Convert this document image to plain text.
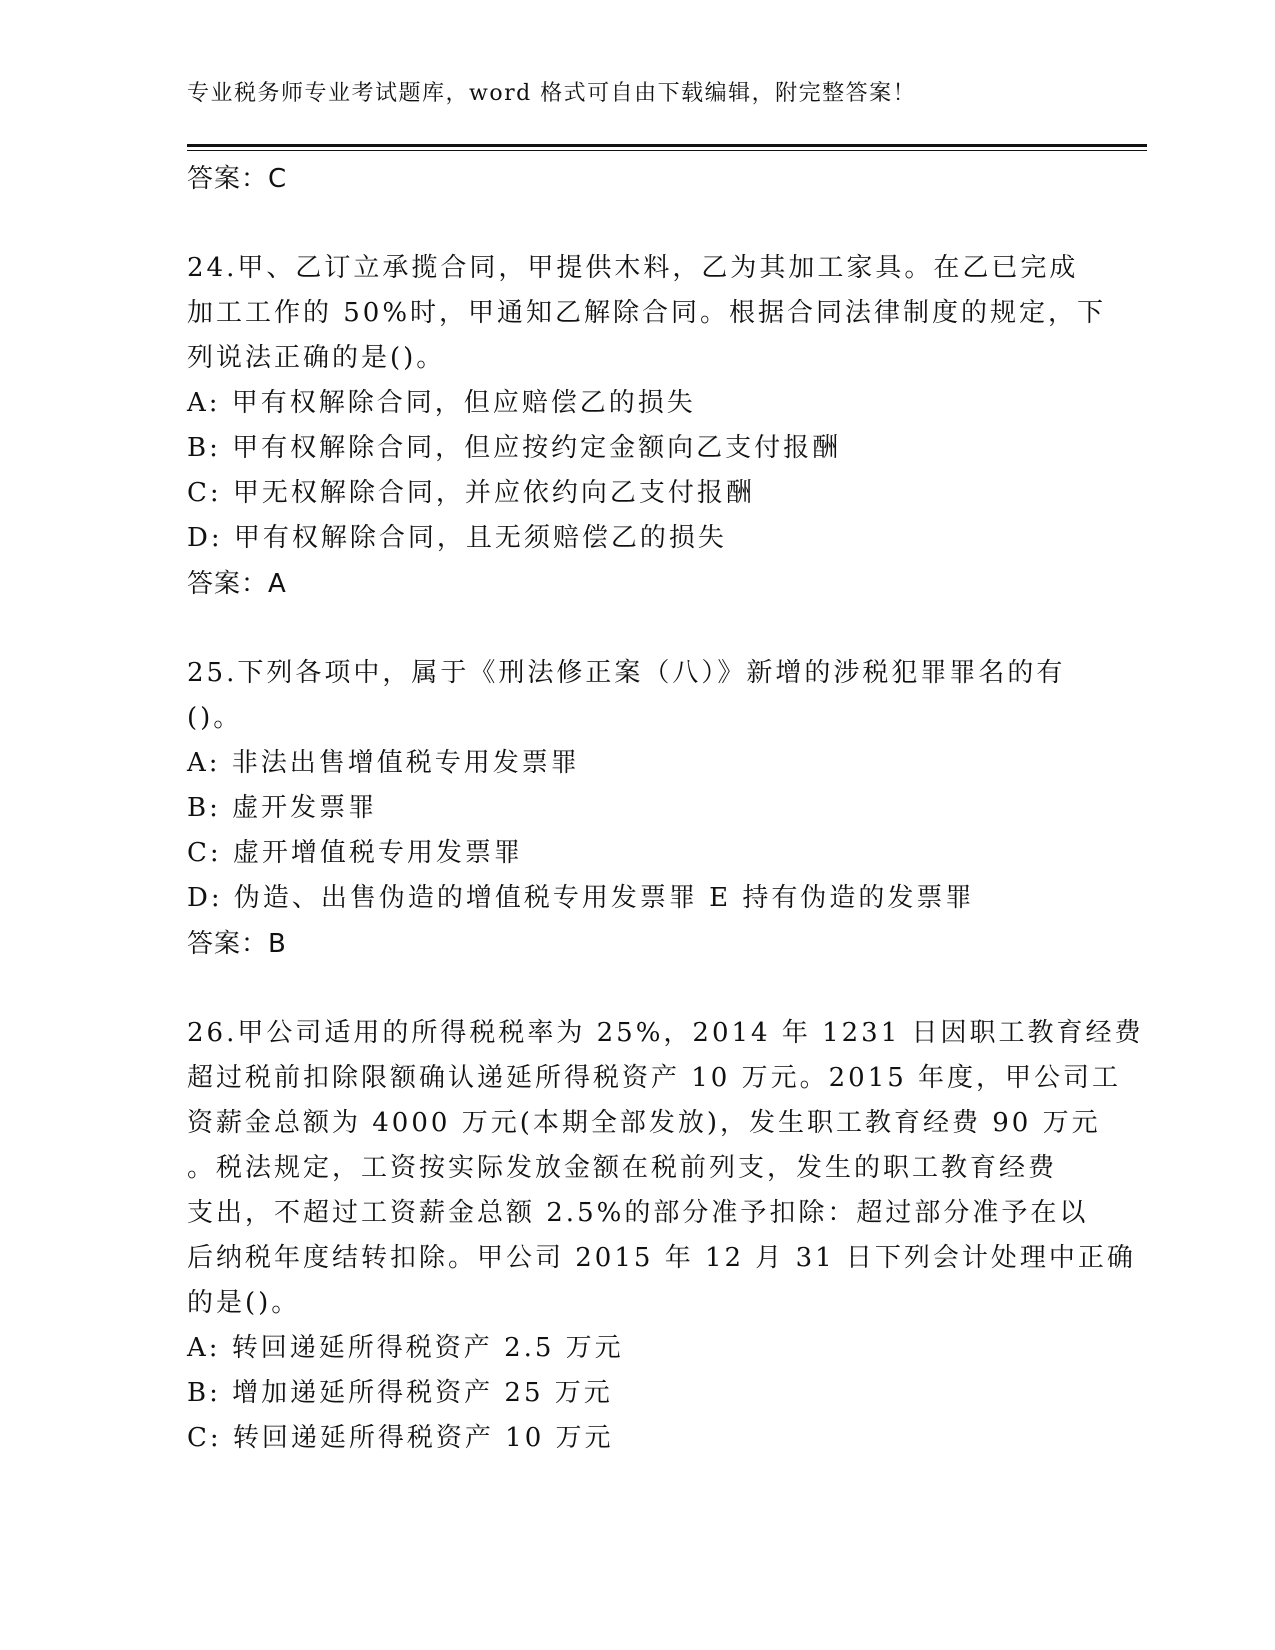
专业税务师专业考试题库，word 格式可自由下载编辑，附完整答案！
答案：C
24.甲、乙订立承揽合同，甲提供木料，乙为其加工家具。在乙已完成
加工工作的 50%时，甲通知乙解除合同。根据合同法律制度的规定，下
列说法正确的是()。
A: 甲有权解除合同，但应赔偿乙的损失
B: 甲有权解除合同，但应按约定金额向乙支付报酬
C: 甲无权解除合同，并应依约向乙支付报酬
D: 甲有权解除合同，且无须赔偿乙的损失
答案：A
25.下列各项中，属于《刑法修正案（八）》新增的涉税犯罪罪名的有
()。
A: 非法出售增值税专用发票罪
B: 虚开发票罪
C: 虚开增值税专用发票罪
D: 伪造、出售伪造的增值税专用发票罪 E 持有伪造的发票罪
答案：B
26.甲公司适用的所得税税率为 25%，2014 年 1231 日因职工教育经费
超过税前扣除限额确认递延所得税资产 10 万元。2015 年度，甲公司工
资薪金总额为 4000 万元(本期全部发放)，发生职工教育经费 90 万元
。税法规定，工资按实际发放金额在税前列支，发生的职工教育经费
支出，不超过工资薪金总额 2.5%的部分准予扣除：超过部分准予在以
后纳税年度结转扣除。甲公司 2015 年 12 月 31 日下列会计处理中正确
的是()。
A: 转回递延所得税资产 2.5 万元
B: 增加递延所得税资产 25 万元
C: 转回递延所得税资产 10 万元
